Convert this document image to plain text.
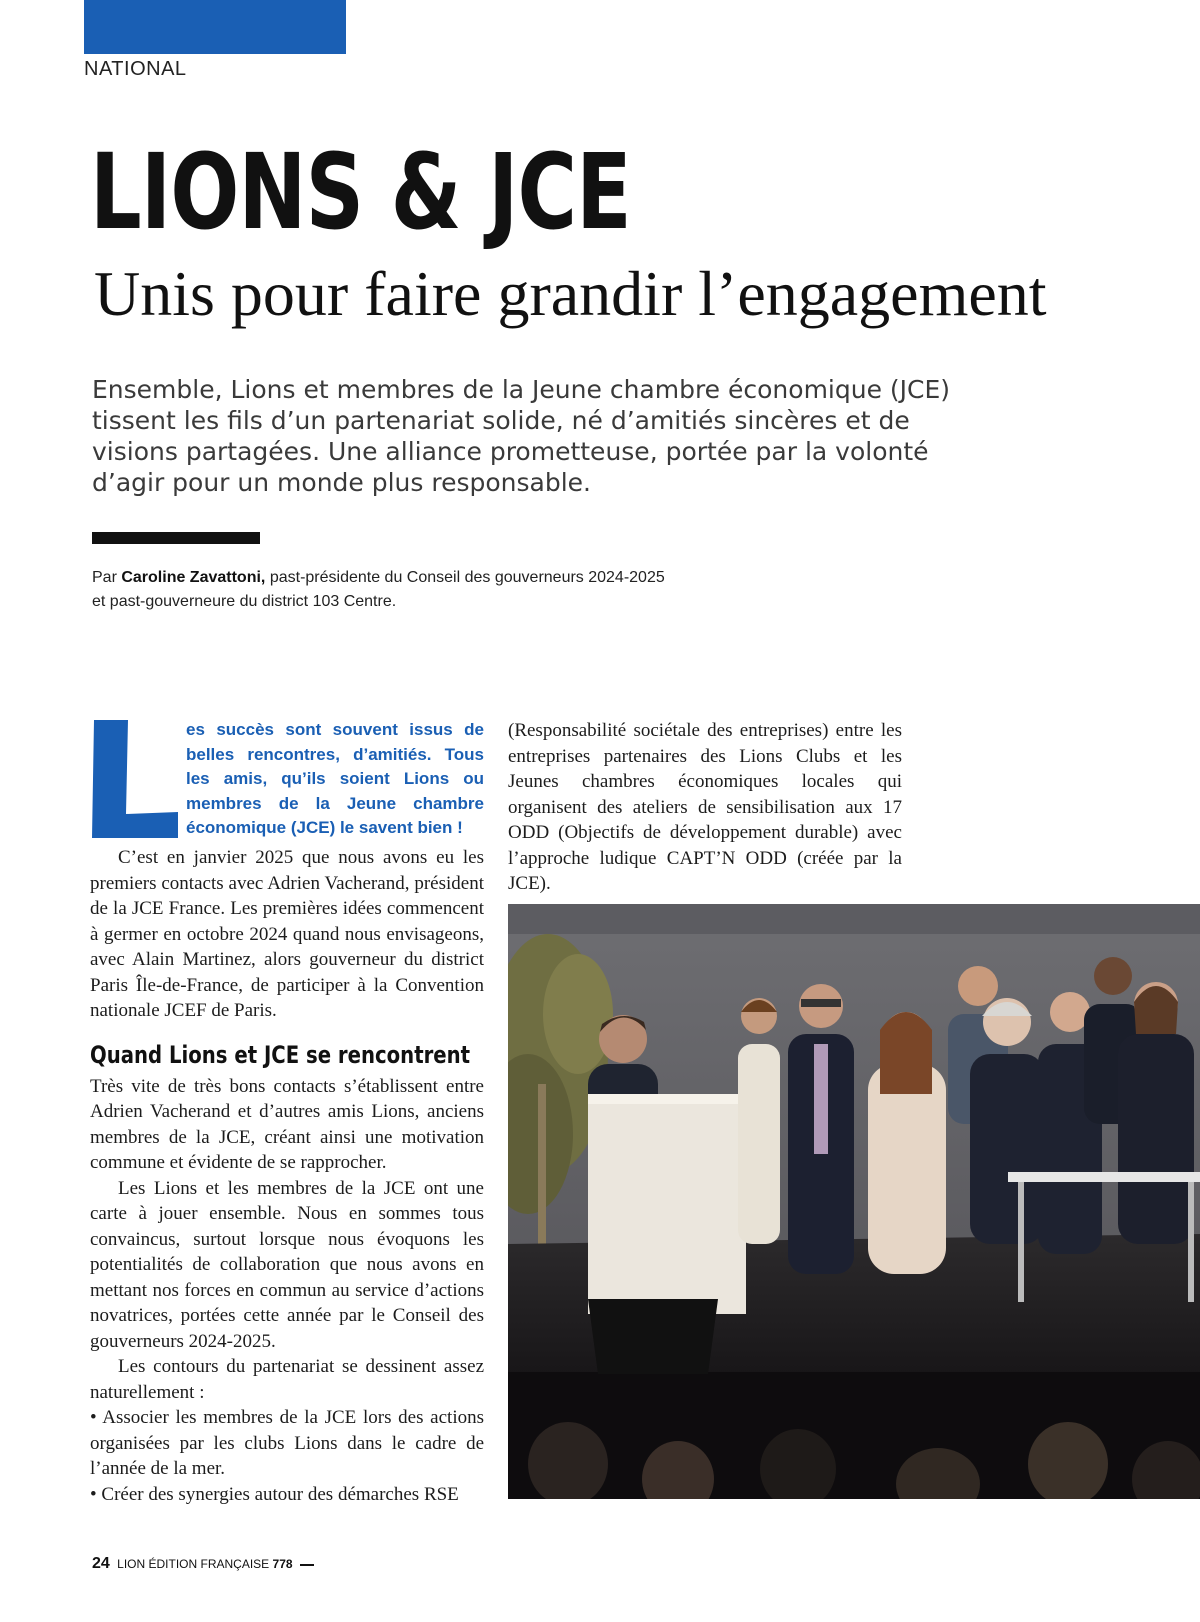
NATIONAL
LIONS & JCE
Unis pour faire grandir l’engagement
Ensemble, Lions et membres de la Jeune chambre économique (JCE) tissent les fils d’un partenariat solide, né d’amitiés sincères et de visions partagées. Une alliance prometteuse, portée par la volonté d’agir pour un monde plus responsable.
Par Caroline Zavattoni, past-présidente du Conseil des gouverneurs 2024-2025
et past-gouverneure du district 103 Centre.
es succès sont souvent issus de belles rencontres, d’amitiés. Tous les amis, qu’ils soient Lions ou membres de la Jeune chambre économique (JCE) le savent bien !

C’est en janvier 2025 que nous avons eu les premiers contacts avec Adrien Vacherand, président de la JCE France. Les premières idées commencent à germer en octobre 2024 quand nous envisageons, avec Alain Martinez, alors gouverneur du district Paris Île-de-France, de participer à la Convention nationale JCEF de Paris.

Quand Lions et JCE se rencontrent

Très vite de très bons contacts s’établissent entre Adrien Vacherand et d’autres amis Lions, anciens membres de la JCE, créant ainsi une motivation commune et évidente de se rapprocher.

Les Lions et les membres de la JCE ont une carte à jouer ensemble. Nous en sommes tous convaincus, surtout lorsque nous évoquons les potentialités de collaboration que nous avons en mettant nos forces en commun au service d’actions novatrices, portées cette année par le Conseil des gouverneurs 2024-2025.

Les contours du partenariat se dessinent assez naturellement :

• Associer les membres de la JCE lors des actions organisées par les clubs Lions dans le cadre de l’année de la mer.

• Créer des synergies autour des démarches RSE

(Responsabilité sociétale des entreprises) entre les entreprises partenaires des Lions Clubs et les Jeunes chambres économiques locales qui organisent des ateliers de sensibilisation aux 17 ODD (Objectifs de développement durable) avec l’approche ludique CAPT’N ODD (créée par la JCE).

24 LION ÉDITION FRANÇAISE 778
